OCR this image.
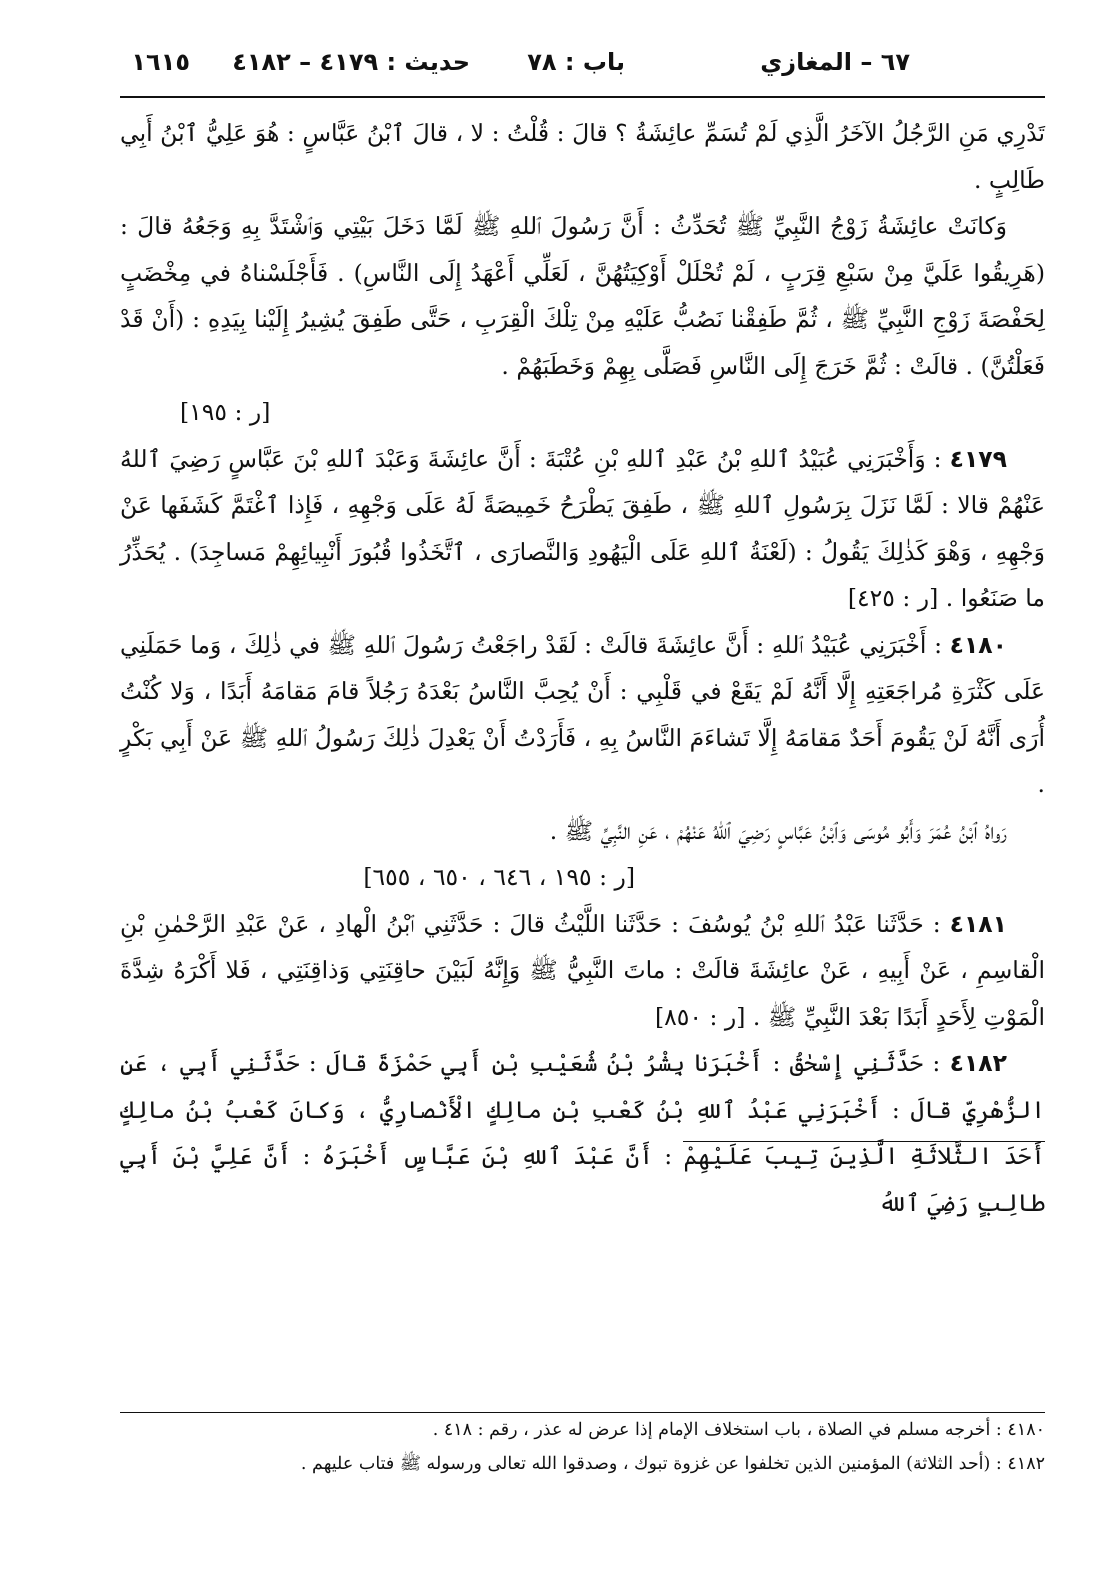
٦٧ – المغازي
باب : ٧٨
حديث : ٤١٧٩ – ٤١٨٢
١٦١٥

تَدْرِي مَنِ الرَّجُلُ الآخَرُ الَّذِي لَمْ تُسَمِّ عائِشَةُ ؟ قالَ : قُلْتُ : لا ، قالَ ٱبْنُ عَبَّاسٍ : هُوَ عَلِيُّ ٱبْنُ أَبِي طَالِبٍ .

وَكانَتْ عائِشَةُ زَوْجُ النَّبِيِّ ﷺ تُحَدِّثُ : أَنَّ رَسُولَ ٱللهِ ﷺ لَمَّا دَخَلَ بَيْتِي وَٱشْتَدَّ بِهِ وَجَعُهُ قالَ : (هَرِيقُوا عَلَيَّ مِنْ سَبْعِ قِرَبٍ ، لَمْ تُحْلَلْ أَوْكِيَتُهُنَّ ، لَعَلِّي أَعْهَدُ إِلَى النَّاسِ) . فَأَجْلَسْناهُ في مِخْضَبٍ لِحَفْصَةَ زَوْجِ النَّبِيِّ ﷺ ، ثُمَّ طَفِقْنا نَصُبُّ عَلَيْهِ مِنْ تِلْكَ الْقِرَبِ ، حَتَّى طَفِقَ يُشِيرُ إِلَيْنا بِيَدِهِ : (أَنْ قَدْ فَعَلْتُنَّ) . قالَتْ : ثُمَّ خَرَجَ إِلَى النَّاسِ فَصَلَّى بِهِمْ وَخَطَبَهُمْ .

[ر : ١٩٥]

٤١٧٩ : وَأَخْبَرَنِي عُبَيْدُ ٱللهِ بْنُ عَبْدِ ٱللهِ بْنِ عُتْبَةَ : أَنَّ عائِشَةَ وَعَبْدَ ٱللهِ بْنَ عَبَّاسٍ رَضِيَ ٱللهُ عَنْهُمْ قالا : لَمَّا نَزَلَ بِرَسُولِ ٱللهِ ﷺ ، طَفِقَ يَطْرَحُ خَمِيصَةً لَهُ عَلَى وَجْهِهِ ، فَإِذا ٱغْتَمَّ كَشَفَها عَنْ وَجْهِهِ ، وَهْوَ كَذٰلِكَ يَقُولُ : (لَعْنَةُ ٱللهِ عَلَى الْيَهُودِ وَالنَّصارَى ، ٱتَّخَذُوا قُبُورَ أَنْبِيائِهِمْ مَساجِدَ) . يُحَذِّرُ ما صَنَعُوا . [ر : ٤٢٥]

٤١٨٠ : أَخْبَرَنِي عُبَيْدُ ٱللهِ : أَنَّ عائِشَةَ قالَتْ : لَقَدْ راجَعْتُ رَسُولَ ٱللهِ ﷺ في ذٰلِكَ ، وَما حَمَلَنِي عَلَى كَثْرَةِ مُراجَعَتِهِ إِلَّا أَنَّهُ لَمْ يَقَعْ في قَلْبِي : أَنْ يُحِبَّ النَّاسُ بَعْدَهُ رَجُلاً قامَ مَقامَهُ أَبَدًا ، وَلا كُنْتُ أُرَى أَنَّهُ لَنْ يَقُومَ أَحَدٌ مَقامَهُ إِلَّا تَشاءَمَ النَّاسُ بِهِ ، فَأَرَدْتُ أَنْ يَعْدِلَ ذٰلِكَ رَسُولُ ٱللهِ ﷺ عَنْ أَبِي بَكْرٍ .

رَواهُ ٱبْنُ عُمَرَ وَأَبُو مُوسَى وَٱبْنُ عَبَّاسٍ رَضِيَ ٱللهُ عَنْهُمْ ، عَنِ النَّبِيِّ ﷺ .

[ر : ١٩٥ ، ٦٤٦ ، ٦٥٠ ، ٦٥٥]

٤١٨١ : حَدَّثَنا عَبْدُ ٱللهِ بْنُ يُوسُفَ : حَدَّثَنا اللَّيْثُ قالَ : حَدَّثَنِي ٱبْنُ الْهادِ ، عَنْ عَبْدِ الرَّحْمٰنِ بْنِ الْقاسِمِ ، عَنْ أَبِيهِ ، عَنْ عائِشَةَ قالَتْ : ماتَ النَّبِيُّ ﷺ وَإِنَّهُ لَبَيْنَ حاقِنَتِي وَذاقِنَتِي ، فَلا أَكْرَهُ شِدَّةَ الْمَوْتِ لِأَحَدٍ أَبَدًا بَعْدَ النَّبِيِّ ﷺ . [ر : ٨٥٠]

٤١٨٢ : حَدَّثَنِي إِسْحٰقُ : أَخْبَرَنا بِشْرُ بْنُ شُعَيْبِ بْنِ أَبِي حَمْزَةَ قالَ : حَدَّثَنِي أَبِي ، عَنِ الزُّهْرِيِّ قالَ : أَخْبَرَنِي عَبْدُ ٱللهِ بْنُ كَعْبِ بْنِ مالِكٍ الْأَنْصارِيُّ ، وَكانَ كَعْبُ بْنُ مالِكٍ أَحَدَ الثَّلاثَةِ الَّذِينَ تِيبَ عَلَيْهِمْ : أَنَّ عَبْدَ ٱللهِ بْنَ عَبَّاسٍ أَخْبَرَهُ : أَنَّ عَلِيَّ بْنَ أَبِي طالِبٍ رَضِيَ ٱللهُ

٤١٨٠ : أخرجه مسلم في الصلاة ، باب استخلاف الإمام إذا عرض له عذر ، رقم : ٤١٨ .

٤١٨٢ : (أحد الثلاثة) المؤمنين الذين تخلفوا عن غزوة تبوك ، وصدقوا الله تعالى ورسوله ﷺ فتاب عليهم .
